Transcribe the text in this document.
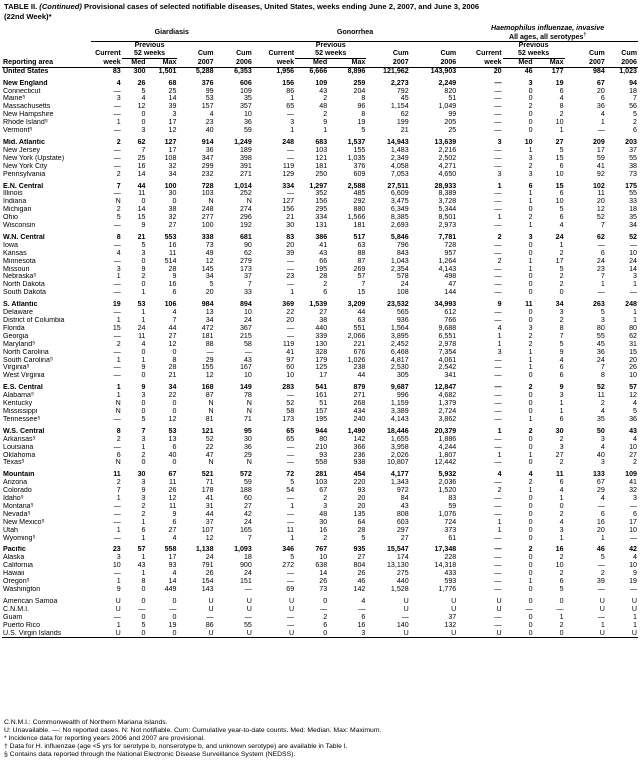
TABLE II. (Continued) Provisional cases of selected notifiable diseases, United States, weeks ending June 2, 2007, and June 3, 2006
(22nd Week)*
	Giardiasis					Gonorrhea					Haemophilus influenzae, invasive
All ages, all serotypes†
		Previous					Previous					Previous			
	Current	52 weeks		Cum	Cum	Current	52 weeks		Cum	Cum	Current	52 weeks		Cum	Cum
Reporting area	week	Med	Max	2007	2006	week	Med	Max	2007	2006	week	Med	Max	2007	2006
United States	83	300	1,501	5,288	6,353	1,956	6,666	8,896	121,962	143,903	20	46	177	984	1,023

New England	4	26	68	376	606	156	109	259	2,273	2,249	—	3	19	67	94
Connecticut	—	5	25	99	109	86	43	204	792	820	—	0	6	20	18
Maine§	3	4	14	53	35	1	2	8	45	51	—	0	4	6	7
Massachusetts	—	12	39	157	357	65	48	96	1,154	1,049	—	2	8	36	56
New Hampshire	—	0	3	4	10	—	2	8	62	99	—	0	2	4	5
Rhode Island§	1	0	17	23	36	3	9	19	199	205	—	0	10	1	2
Vermont§	—	3	12	40	59	1	1	5	21	25	—	0	1	—	6

Mid. Atlantic	2	62	127	914	1,249	248	683	1,537	14,943	13,639	3	10	27	209	203
New Jersey	—	7	17	36	189	—	103	155	1,483	2,216	—	1	5	17	37
New York (Upstate)	—	25	108	347	398	—	121	1,035	2,349	2,502	—	3	15	59	55
New York City	—	16	32	299	391	119	181	376	4,058	4,271	—	2	6	41	38
Pennsylvania	2	14	34	232	271	129	250	609	7,053	4,650	3	3	10	92	73

E.N. Central	7	44	100	728	1,014	334	1,297	2,588	27,511	28,933	1	6	15	102	175
Illinois	—	11	30	103	252	—	352	485	6,609	8,389	—	1	6	11	55
Indiana	N	0	0	N	N	127	156	292	3,475	3,728	—	1	10	20	33
Michigan	2	14	38	248	274	156	295	880	6,349	5,344	—	0	5	12	18
Ohio	5	15	32	277	296	21	334	1,566	8,385	8,501	1	2	6	52	35
Wisconsin	—	9	27	100	192	30	131	181	2,693	2,973	—	1	4	7	34

W.N. Central	8	21	553	338	681	83	386	517	5,846	7,781	2	3	24	62	52
Iowa	—	5	16	73	90	20	41	63	796	728	—	0	1	—	—
Kansas	4	3	11	49	62	39	43	88	843	957	—	0	2	6	10
Minnesota	—	0	514	12	279	—	66	87	1,043	1,264	2	1	17	24	24
Missouri	3	9	28	145	173	—	195	269	2,354	4,143	—	1	5	23	14
Nebraska§	1	2	9	34	37	23	28	57	578	498	—	0	2	7	3
North Dakota	—	0	16	5	7	—	2	7	24	47	—	0	2	1	1
South Dakota	—	1	6	20	33	1	6	15	108	144	—	0	0	—	—

S. Atlantic	19	53	106	984	894	369	1,539	3,209	23,532	34,993	9	11	34	263	248
Delaware	—	1	4	13	10	22	27	44	565	612	—	0	3	5	1
District of Columbia	1	1	7	34	24	20	38	63	936	766	—	0	2	3	1
Florida	15	24	44	472	367	—	440	551	1,564	9,688	4	3	8	80	80
Georgia	—	11	27	181	215	—	339	2,066	3,895	6,551	1	2	7	55	62
Maryland§	2	4	12	88	58	119	130	221	2,452	2,978	1	2	5	45	31
North Carolina	—	0	0	—	—	41	328	676	6,468	7,354	3	1	9	36	15
South Carolina§	1	1	8	29	43	97	179	1,026	4,817	4,061	—	1	4	24	20
Virginia§	—	9	28	155	167	60	125	238	2,530	2,542	—	1	6	7	26
West Virginia	—	0	21	12	10	10	17	44	305	341	—	0	6	8	10

E.S. Central	1	9	34	168	149	283	541	879	9,687	12,847	—	2	9	52	57
Alabama§	1	3	22	87	78	—	161	271	996	4,682	—	0	3	11	12
Kentucky	N	0	0	N	N	52	51	268	1,159	1,379	—	0	1	2	4
Mississippi	N	0	0	N	N	58	157	434	3,389	2,724	—	0	1	4	5
Tennessee§	—	5	12	81	71	173	195	240	4,143	3,862	—	1	6	35	36

W.S. Central	8	7	53	121	95	65	944	1,490	18,446	20,379	1	2	30	50	43
Arkansas§	2	3	13	52	30	65	80	142	1,655	1,886	—	0	2	3	4
Louisiana	—	1	6	22	36	—	210	366	3,958	4,244	—	0	3	4	10
Oklahoma	6	2	40	47	29	—	93	236	2,026	1,807	1	1	27	40	27
Texas§	N	0	0	N	N	—	558	938	10,807	12,442	—	0	2	3	2

Mountain	11	30	67	521	572	72	281	454	4,177	5,932	4	4	11	133	109
Arizona	2	3	11	71	59	5	103	220	1,343	2,036	—	2	6	67	41
Colorado	7	9	26	178	188	54	67	93	972	1,520	2	1	4	29	32
Idaho§	1	3	12	41	60	—	2	20	84	83	—	0	1	4	3
Montana§	—	2	11	31	27	1	3	20	43	59	—	0	0	—	—
Nevada§	—	2	9	44	42	—	48	135	808	1,076	—	0	2	6	6
New Mexico§	—	1	6	37	24	—	30	64	603	724	1	0	4	16	17
Utah	1	6	27	107	165	11	16	28	297	373	1	0	3	20	10
Wyoming§	—	1	4	12	7	1	2	5	27	61	—	0	1	1	—

Pacific	23	57	558	1,138	1,093	346	767	935	15,547	17,348	—	2	16	46	42
Alaska	3	1	17	24	18	5	10	27	174	228	—	0	2	5	4
California	10	43	93	791	900	272	638	804	13,130	14,318	—	0	10	—	10
Hawaii	—	1	4	26	24	—	14	26	275	433	—	0	2	2	9
Oregon§	1	8	14	154	151	—	26	46	440	593	—	1	6	39	19
Washington	9	0	449	143	—	69	73	142	1,528	1,776	—	0	5	—	—

American Samoa	U	0	0	U	U	U	0	4	U	U	U	0	0	U	U
C.N.M.I.	U	—	—	U	U	U	—	—	U	U	U	—	—	U	U
Guam	—	0	0	—	—	—	2	6	—	37	—	0	1	—	1
Puerto Rico	1	5	19	86	55	—	6	16	140	132	—	0	2	1	1
U.S. Virgin Islands	U	0	0	U	U	U	0	3	U	U	U	0	0	U	U
C.N.M.I.: Commonwealth of Northern Mariana Islands.
U: Unavailable. —: No reported cases. N: Not notifiable. Cum: Cumulative year-to-date counts. Med: Median. Max: Maximum.
* Incidence data for reporting years 2006 and 2007 are provisional.
† Data for H. influenzae (age <5 yrs for serotype b, nonserotype b, and unknown serotype) are available in Table I.
§ Contains data reported through the National Electronic Disease Surveillance System (NEDSS).
